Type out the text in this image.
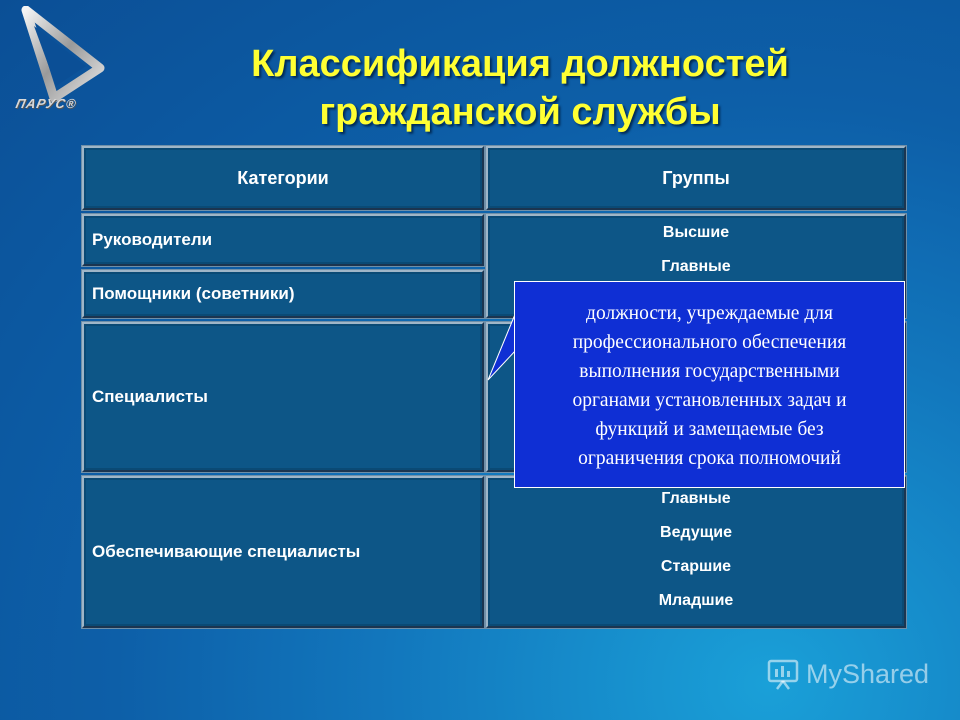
ПАРУС®
Классификация должностей
гражданской службы
Категории	Группы
Руководители	Высшие
Главные
Помощники (советники)
Специалисты
Обеспечивающие специалисты
Главные
Ведущие
Старшие
Младшие
должности, учреждаемые для
профессионального обеспечения
выполнения государственными
органами установленных задач и
функций и замещаемые без
ограничения срока полномочий
MyShared
